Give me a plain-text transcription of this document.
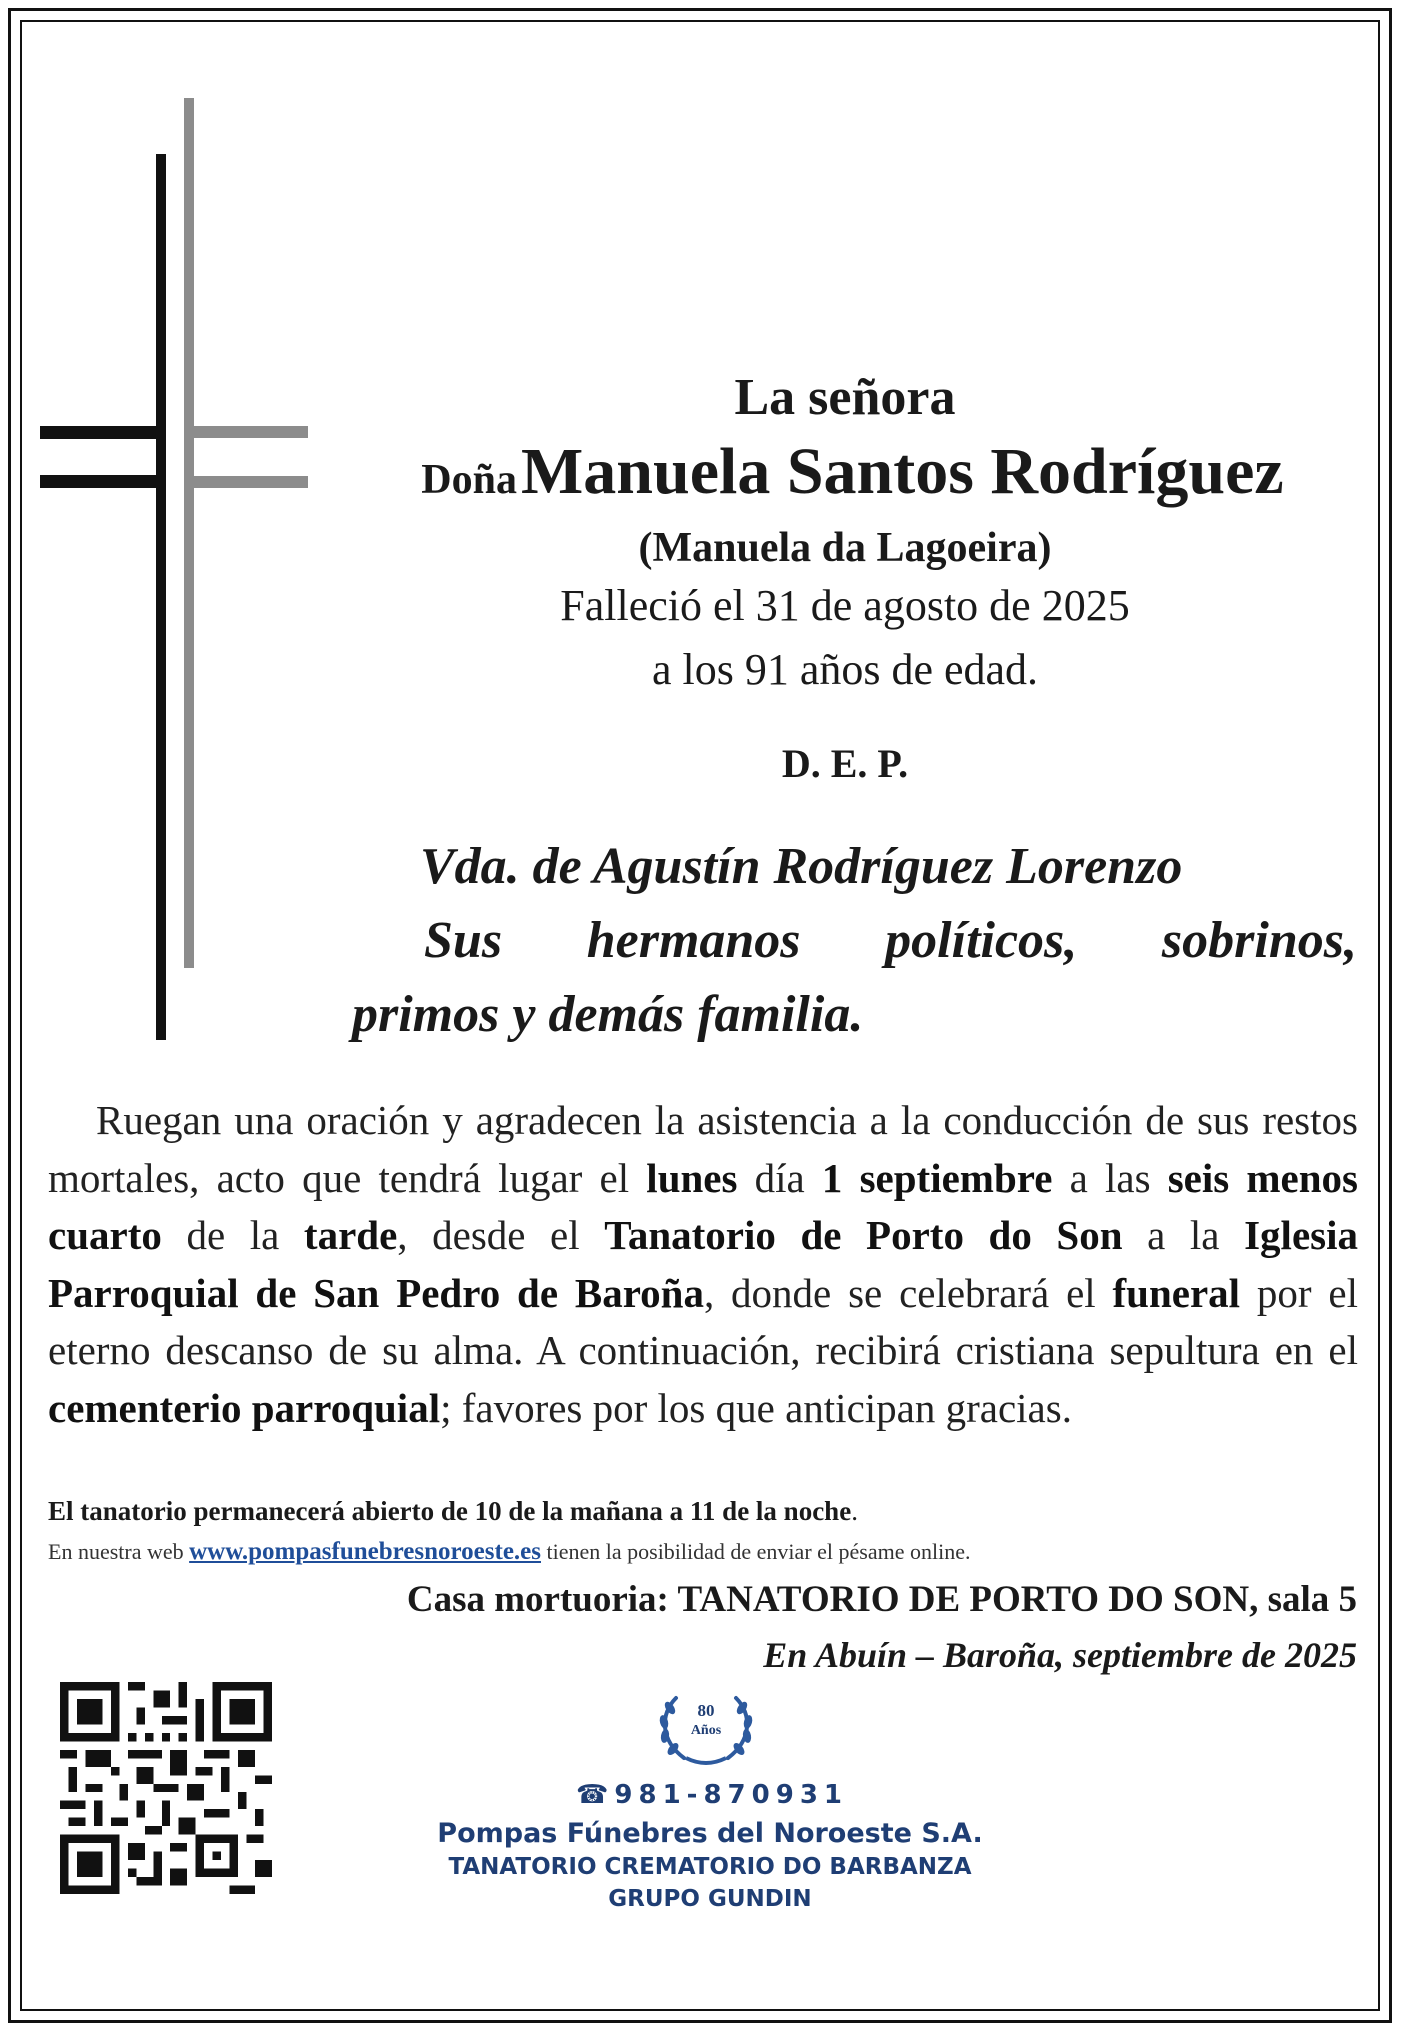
La señora
Doña Manuela Santos Rodríguez
(Manuela da Lagoeira)
Falleció el 31 de agosto de 2025
a los 91 años de edad.
D. E. P.
Vda. de Agustín Rodríguez Lorenzo
Sus hermanos políticos, sobrinos,
primos y demás familia.
Ruegan una oración y agradecen la asistencia a la conducción de sus restos mortales, acto que tendrá lugar el lunes día 1 septiembre a las seis menos cuarto de la tarde, desde el Tanatorio de Porto do Son a la Iglesia Parroquial de San Pedro de Baroña, donde se celebrará el funeral por el eterno descanso de su alma. A continuación, recibirá cristiana sepultura en el cementerio parroquial; favores por los que anticipan gracias.
El tanatorio permanecerá abierto de 10 de la mañana a 11 de la noche.
En nuestra web www.pompasfunebresnoroeste.es tienen la posibilidad de enviar el pésame online.
Casa mortuoria: TANATORIO DE PORTO DO SON, sala 5
En Abuín – Baroña, septiembre de 2025
80
Años
☎ 981-870931
Pompas Fúnebres del Noroeste S.A.
TANATORIO CREMATORIO DO BARBANZA
GRUPO GUNDIN
